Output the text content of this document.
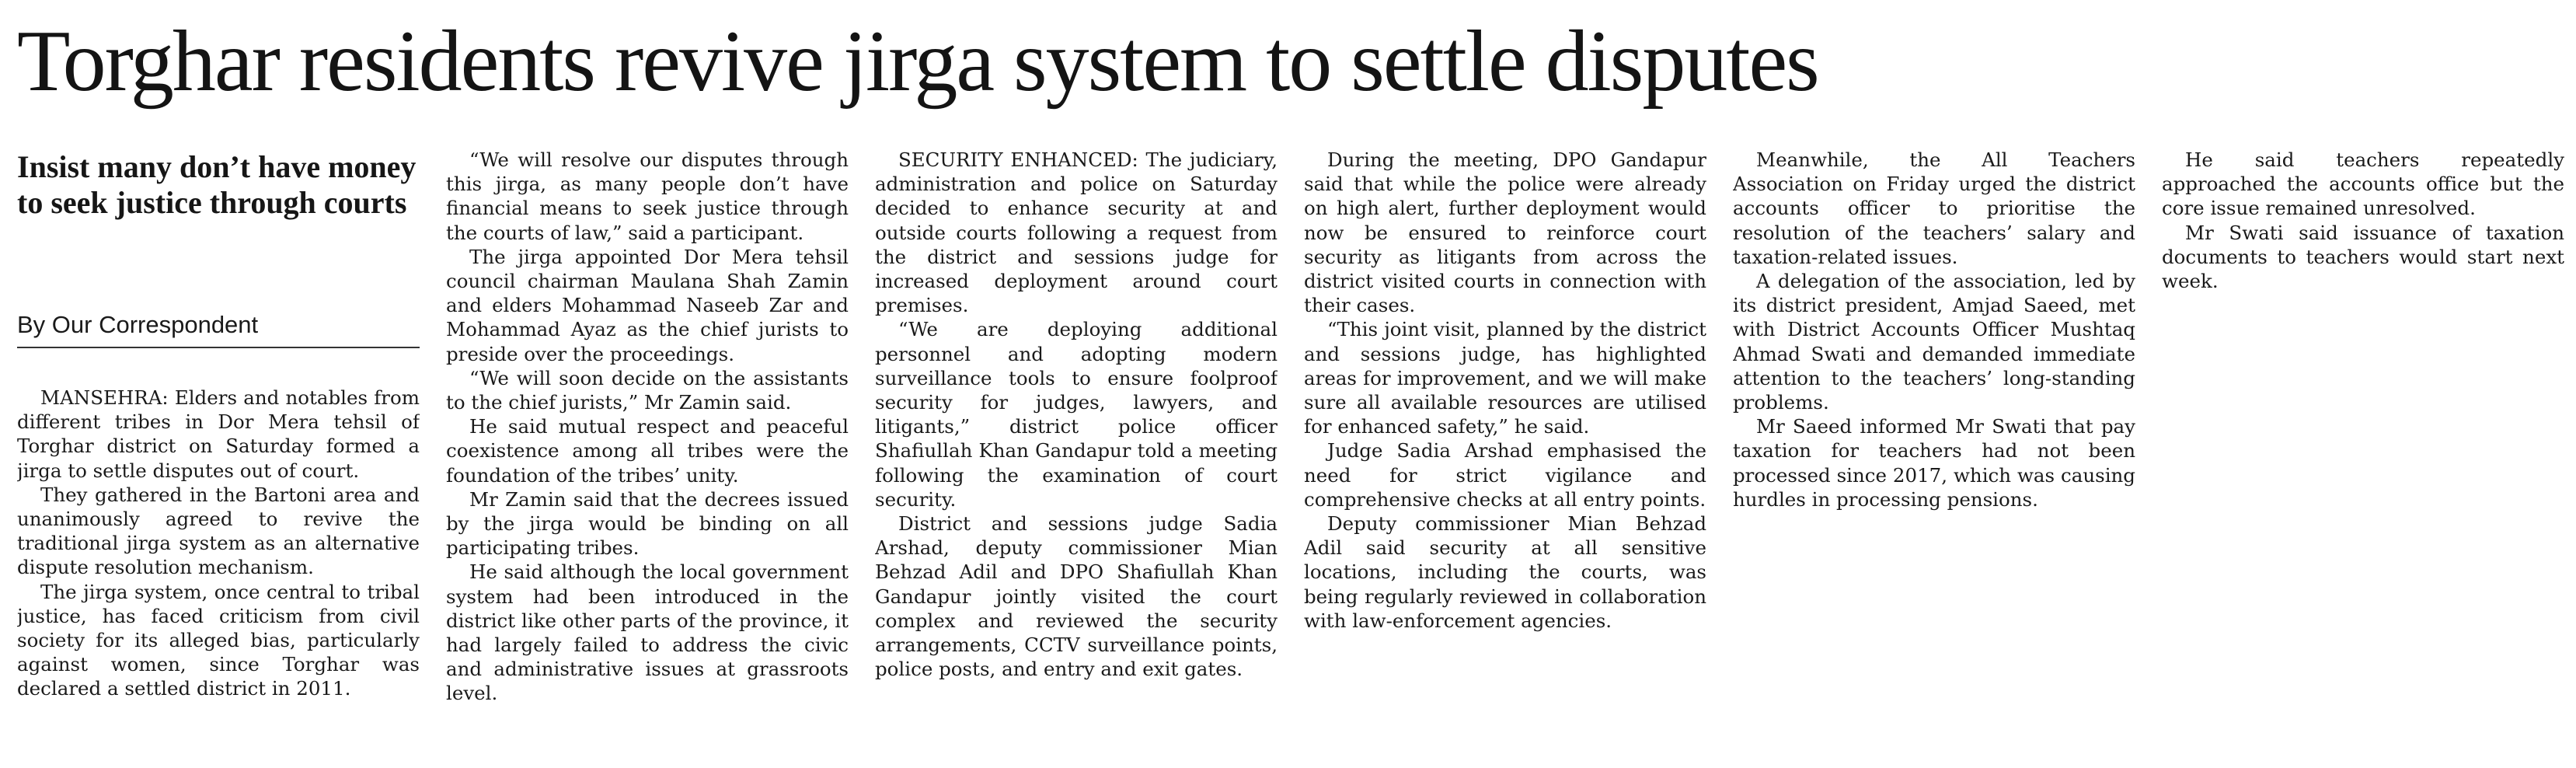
Torghar residents revive jirga system to settle disputes
Insist many don’t have money to seek justice through courts
By Our Correspondent

MANSEHRA: Elders and notables from different tribes in Dor Mera tehsil of Torghar district on Saturday formed a jirga to settle disputes out of court.

They gathered in the Bartoni area and unanimously agreed to revive the traditional jirga system as an alternative dispute resolution mechanism.

The jirga system, once central to tribal justice, has faced criticism from civil society for its alleged bias, particularly against women, since Torghar was declared a settled district in 2011.

“We will resolve our disputes through this jirga, as many people don’t have financial means to seek justice through the courts of law,” said a participant.

The jirga appointed Dor Mera tehsil council chairman Maulana Shah Zamin and elders Mohammad Naseeb Zar and Mohammad Ayaz as the chief jurists to preside over the proceedings.

“We will soon decide on the assistants to the chief jurists,” Mr Zamin said.

He said mutual respect and peaceful coexistence among all tribes were the foundation of the tribes’ unity.

Mr Zamin said that the decrees issued by the jirga would be binding on all participating tribes.

He said although the local government system had been introduced in the district like other parts of the province, it had largely failed to address the civic and administrative issues at grassroots level.

SECURITY ENHANCED: The judiciary, administration and police on Saturday decided to enhance security at and outside courts following a request from the district and sessions judge for increased deployment around court premises.

“We are deploying additional personnel and adopting modern surveillance tools to ensure foolproof security for judges, lawyers, and litigants,” district police officer Shafiullah Khan Gandapur told a meeting following the examination of court security.

District and sessions judge Sadia Arshad, deputy commissioner Mian Behzad Adil and DPO Shafiullah Khan Gandapur jointly visited the court complex and reviewed the security arrangements, CCTV surveillance points, police posts, and entry and exit gates.

During the meeting, DPO Gandapur said that while the police were already on high alert, further deployment would now be ensured to reinforce court security as litigants from across the district visited courts in connection with their cases.

“This joint visit, planned by the district and sessions judge, has highlighted areas for improvement, and we will make sure all available resources are utilised for enhanced safety,” he said.

Judge Sadia Arshad emphasised the need for strict vigilance and comprehensive checks at all entry points.

Deputy commissioner Mian Behzad Adil said security at all sensitive locations, including the courts, was being regularly reviewed in collaboration with law-enforcement agencies.

Meanwhile, the All Teachers Association on Friday urged the district accounts officer to prioritise the resolution of the teachers’ salary and taxation-related issues.

A delegation of the association, led by its district president, Amjad Saeed, met with District Accounts Officer Mushtaq Ahmad Swati and demanded immediate attention to the teachers’ long-standing problems.

Mr Saeed informed Mr Swati that pay taxation for teachers had not been processed since 2017, which was causing hurdles in processing pensions.

He said teachers repeatedly approached the accounts office but the core issue remained unresolved.

Mr Swati said issuance of taxation documents to teachers would start next week.
